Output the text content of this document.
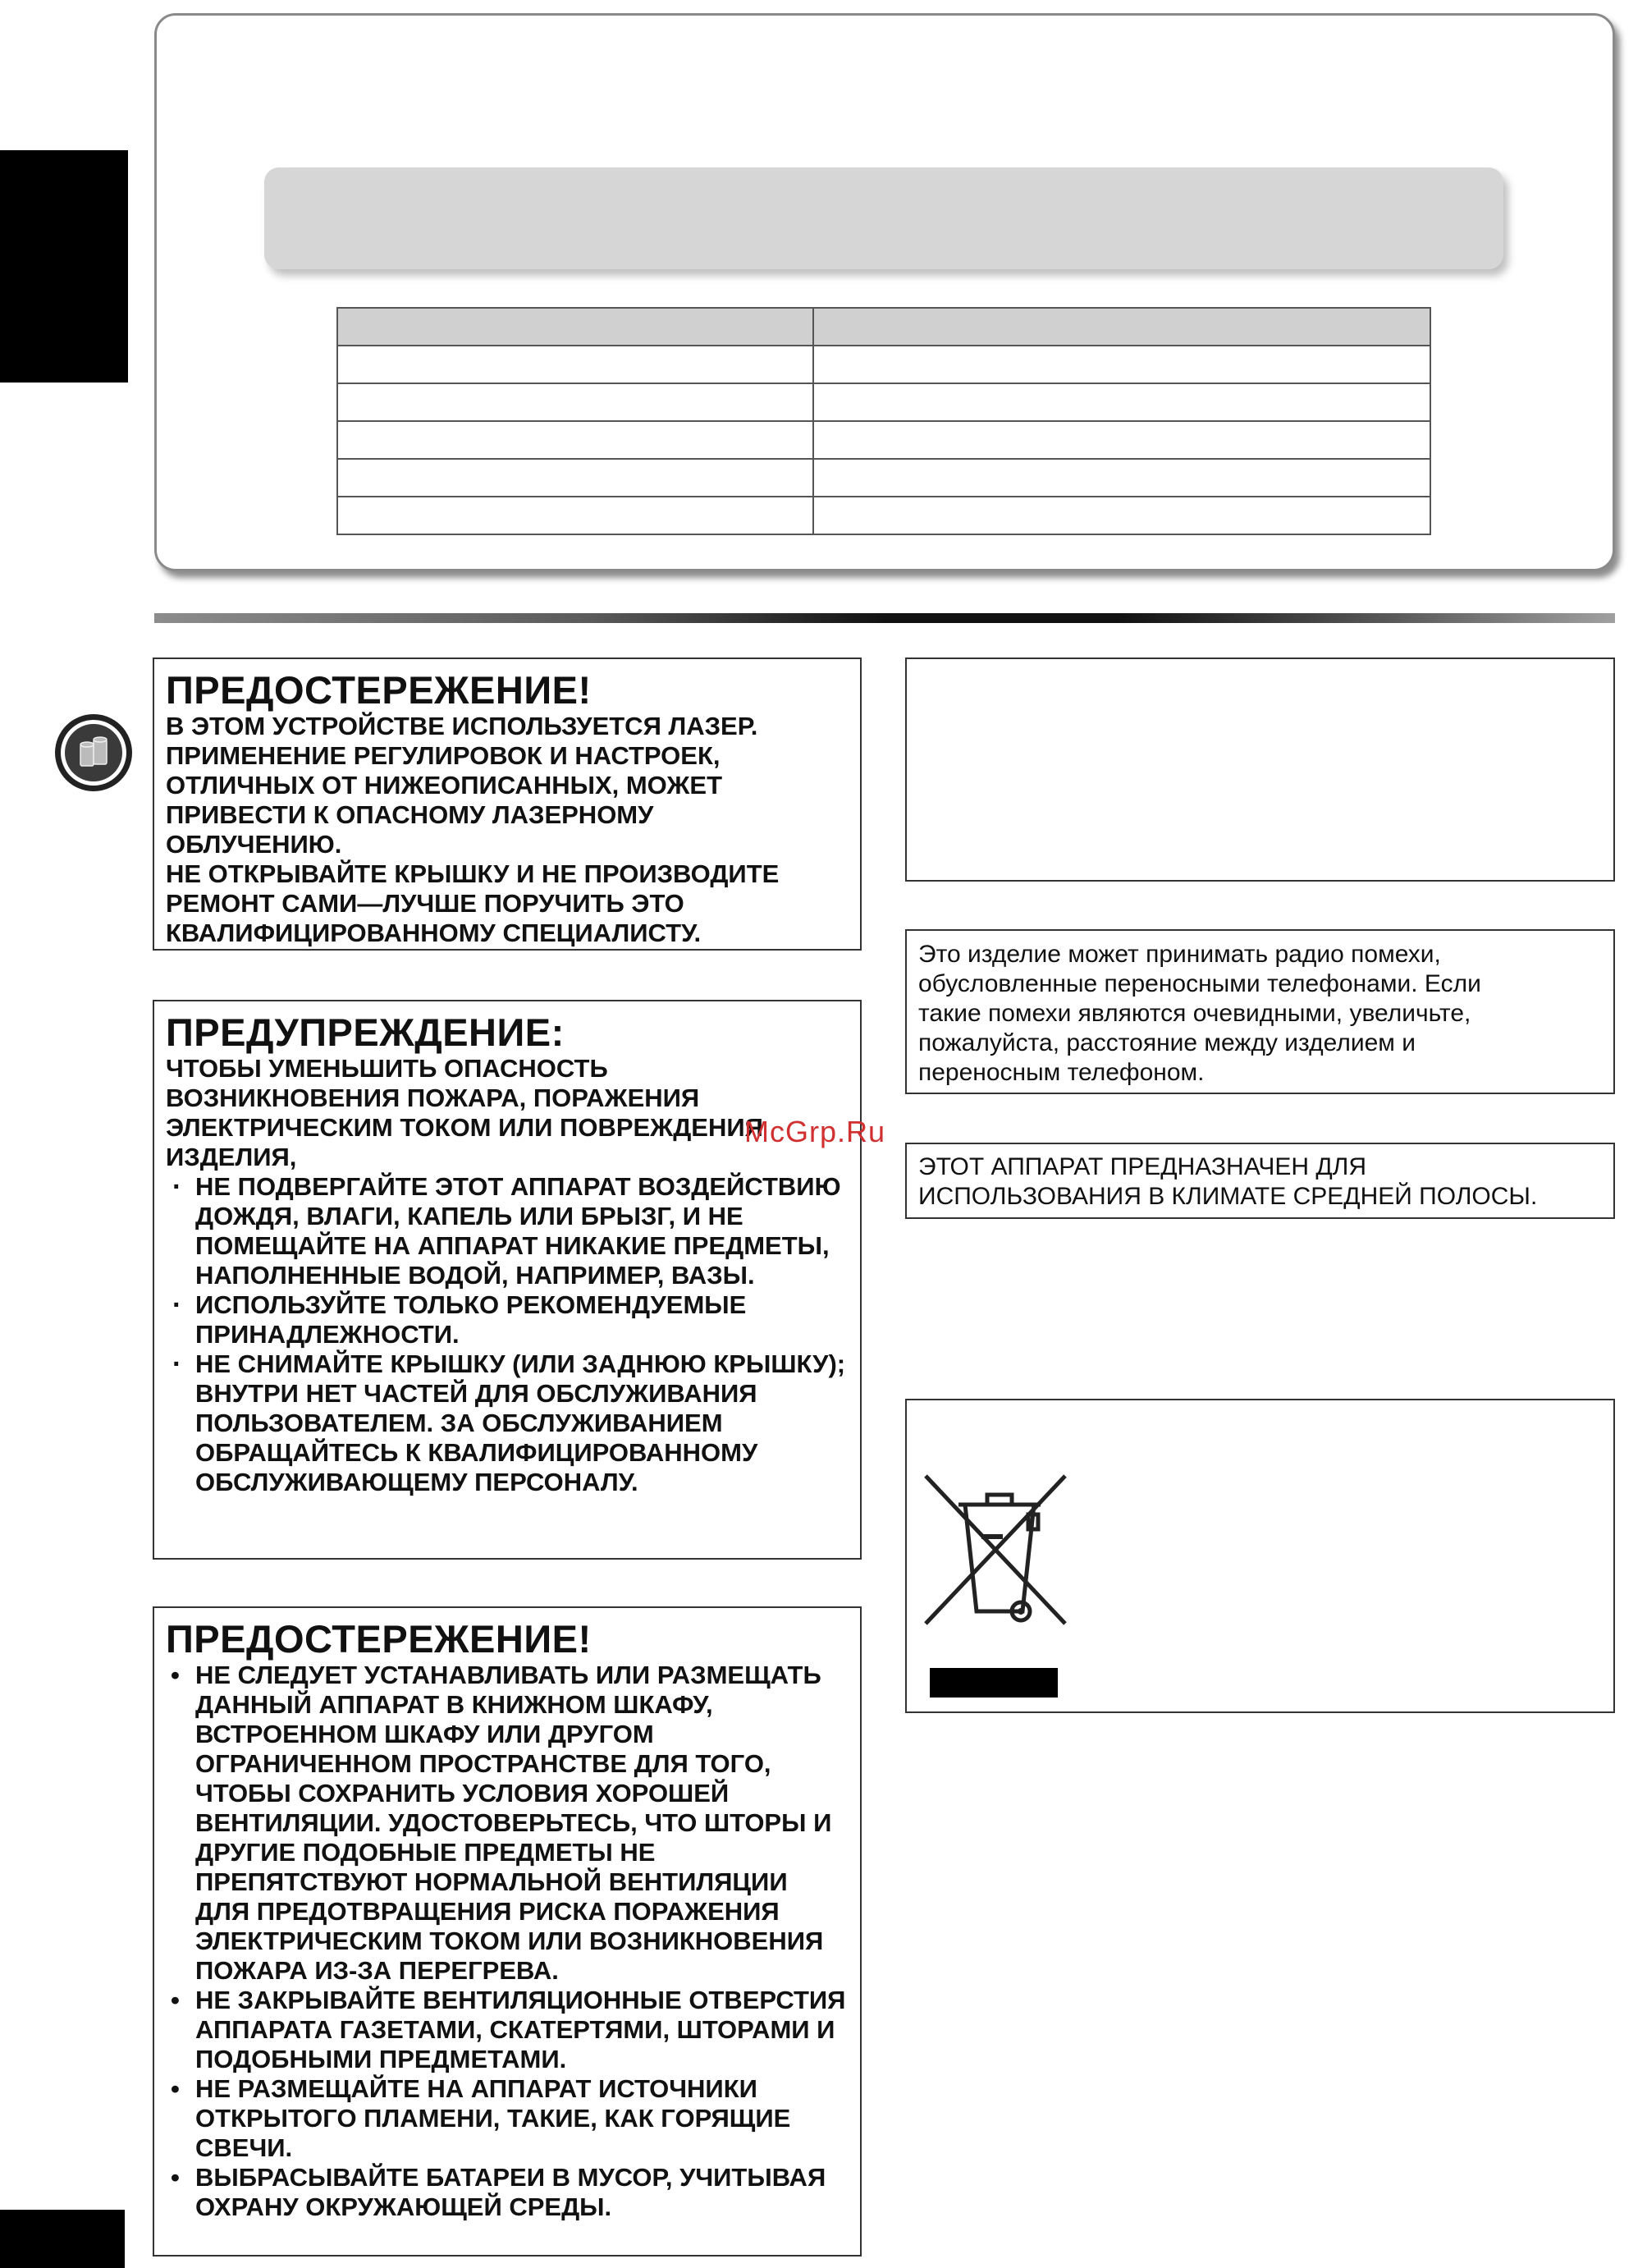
ПРЕДОСТЕРЕЖЕНИЕ!

В ЭТОМ УСТРОЙСТВЕ ИСПОЛЬЗУЕТСЯ ЛАЗЕР.

ПРИМЕНЕНИЕ РЕГУЛИРОВОК И НАСТРОЕК,

ОТЛИЧНЫХ ОТ НИЖЕОПИСАННЫХ, МОЖЕТ

ПРИВЕСТИ К ОПАСНОМУ ЛАЗЕРНОМУ

ОБЛУЧЕНИЮ.

НЕ ОТКРЫВАЙТЕ КРЫШКУ И НЕ ПРОИЗВОДИТЕ

РЕМОНТ САМИ—ЛУЧШЕ ПОРУЧИТЬ ЭТО

КВАЛИФИЦИРОВАННОМУ СПЕЦИАЛИСТУ.

ПРЕДУПРЕЖДЕНИЕ:

ЧТОБЫ УМЕНЬШИТЬ ОПАСНОСТЬ

ВОЗНИКНОВЕНИЯ ПОЖАРА, ПОРАЖЕНИЯ

ЭЛЕКТРИЧЕСКИМ ТОКОМ ИЛИ ПОВРЕЖДЕНИЯ

ИЗДЕЛИЯ,

· НЕ ПОДВЕРГАЙТЕ ЭТОТ АППАРАТ ВОЗДЕЙСТВИЮ ДОЖДЯ, ВЛАГИ, КАПЕЛЬ ИЛИ БРЫЗГ, И НЕ ПОМЕЩАЙТЕ НА АППАРАТ НИКАКИЕ ПРЕДМЕТЫ, НАПОЛНЕННЫЕ ВОДОЙ, НАПРИМЕР, ВАЗЫ.
· ИСПОЛЬЗУЙТЕ ТОЛЬКО РЕКОМЕНДУЕМЫЕ ПРИНАДЛЕЖНОСТИ.
· НЕ СНИМАЙТЕ КРЫШКУ (ИЛИ ЗАДНЮЮ КРЫШКУ); ВНУТРИ НЕТ ЧАСТЕЙ ДЛЯ ОБСЛУЖИВАНИЯ ПОЛЬЗОВАТЕЛЕМ. ЗА ОБСЛУЖИВАНИЕМ ОБРАЩАЙТЕСЬ К КВАЛИФИЦИРОВАННОМУ ОБСЛУЖИВАЮЩЕМУ ПЕРСОНАЛУ.

ПРЕДОСТЕРЕЖЕНИЕ!

• НЕ СЛЕДУЕТ УСТАНАВЛИВАТЬ ИЛИ РАЗМЕЩАТЬ ДАННЫЙ АППАРАТ В КНИЖНОМ ШКАФУ, ВСТРОЕННОМ ШКАФУ ИЛИ ДРУГОМ ОГРАНИЧЕННОМ ПРОСТРАНСТВЕ ДЛЯ ТОГО, ЧТОБЫ СОХРАНИТЬ УСЛОВИЯ ХОРОШЕЙ ВЕНТИЛЯЦИИ. УДОСТОВЕРЬТЕСЬ, ЧТО ШТОРЫ И ДРУГИЕ ПОДОБНЫЕ ПРЕДМЕТЫ НЕ ПРЕПЯТСТВУЮТ НОРМАЛЬНОЙ ВЕНТИЛЯЦИИ ДЛЯ ПРЕДОТВРАЩЕНИЯ РИСКА ПОРАЖЕНИЯ ЭЛЕКТРИЧЕСКИМ ТОКОМ ИЛИ ВОЗНИКНОВЕНИЯ ПОЖАРА ИЗ-ЗА ПЕРЕГРЕВА.
• НЕ ЗАКРЫВАЙТЕ ВЕНТИЛЯЦИОННЫЕ ОТВЕРСТИЯ АППАРАТА ГАЗЕТАМИ, СКАТЕРТЯМИ, ШТОРАМИ И ПОДОБНЫМИ ПРЕДМЕТАМИ.
• НЕ РАЗМЕЩАЙТЕ НА АППАРАТ ИСТОЧНИКИ ОТКРЫТОГО ПЛАМЕНИ, ТАКИЕ, КАК ГОРЯЩИЕ СВЕЧИ.
• ВЫБРАСЫВАЙТЕ БАТАРЕИ В МУСОР, УЧИТЫВАЯ ОХРАНУ ОКРУЖАЮЩЕЙ СРЕДЫ.

Это изделие может принимать радио помехи,

обусловленные переносными телефонами. Если

такие помехи являются очевидными, увеличьте,

пожалуйста, расстояние между изделием и

переносным телефоном.

ЭТОТ АППАРАТ ПРЕДНАЗНАЧЕН ДЛЯ

ИСПОЛЬЗОВАНИЯ В КЛИМАТЕ СРЕДНЕЙ ПОЛОСЫ.

McGrp.Ru
